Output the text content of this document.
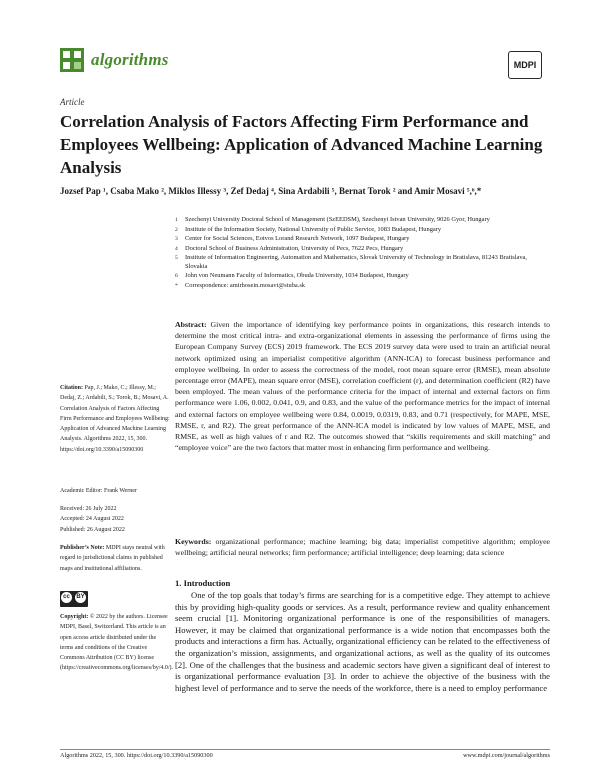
algorithms	MDPI
Article
Correlation Analysis of Factors Affecting Firm Performance and Employees Wellbeing: Application of Advanced Machine Learning Analysis
Jozsef Pap ¹, Csaba Mako ², Miklos Illessy ³, Zef Dedaj ⁴, Sina Ardabili ⁵, Bernat Torok ² and Amir Mosavi ⁵,⁶,*
1 Szechenyi University Doctoral School of Management (SzEEDSM), Szechenyi Istvan University, 9026 Gyor, Hungary
2 Institute of the Information Society, National University of Public Service, 1083 Budapest, Hungary
3 Center for Social Sciences, Eotvos Lorand Research Network, 1097 Budapest, Hungary
4 Doctoral School of Business Administration, University of Pecs, 7622 Pecs, Hungary
5 Institute of Information Engineering, Automation and Mathematics, Slovak University of Technology in Bratislava, 81243 Bratislava, Slovakia
6 John von Neumann Faculty of Informatics, Obuda University, 1034 Budapest, Hungary
* Correspondence: amirhosein.mosavi@stuba.sk
Citation: Pap, J.; Mako, C.; Illessy, M.; Dedaj, Z.; Ardabili, S.; Torok, B.; Mosavi, A. Correlation Analysis of Factors Affecting Firm Performance and Employees Wellbeing: Application of Advanced Machine Learning Analysis. Algorithms 2022, 15, 300. https://doi.org/10.3390/a15090300
Academic Editor: Frank Werner
Received: 26 July 2022
Accepted: 24 August 2022
Published: 26 August 2022
Publisher’s Note: MDPI stays neutral with regard to jurisdictional claims in published maps and institutional affiliations.
cc	BY
Copyright: © 2022 by the authors. Licensee MDPI, Basel, Switzerland. This article is an open access article distributed under the terms and conditions of the Creative Commons Attribution (CC BY) license (https://creativecommons.org/licenses/by/4.0/).
Abstract: Given the importance of identifying key performance points in organizations, this research intends to determine the most critical intra- and extra-organizational elements in assessing the performance of firms using the European Company Survey (ECS) 2019 framework. The ECS 2019 survey data were used to train an artificial neural network optimized using an imperialist competitive algorithm (ANN-ICA) to forecast business performance and employee wellbeing. In order to assess the correctness of the model, root mean square error (RMSE), mean absolute percentage error (MAPE), mean square error (MSE), correlation coefficient (r), and determination coefficient (R2) have been employed. The mean values of the performance criteria for the impact of internal and external factors on firm performance were 1.06, 0.002, 0.041, 0.9, and 0.83, and the value of the performance metrics for the impact of internal and external factors on employee wellbeing were 0.84, 0.0019, 0.0319, 0.83, and 0.71 (respectively, for MAPE, MSE, RMSE, r, and R2). The great performance of the ANN-ICA model is indicated by low values of MAPE, MSE, and RMSE, as well as high values of r and R2. The outcomes showed that “skills requirements and skill matching” and “employee voice” are the two factors that matter most in enhancing firm performance and wellbeing.
Keywords: organizational performance; machine learning; big data; imperialist competitive algorithm; employee wellbeing; artificial neural networks; firm performance; artificial intelligence; deep learning; data science
1. Introduction
One of the top goals that today’s firms are searching for is a competitive edge. They attempt to achieve this by providing high-quality goods or services. As a result, performance review and quality enhancement seem crucial [1]. Monitoring organizational performance is one of the responsibilities of managers. However, it may be claimed that organizational performance is a wide notion that encompasses both the products and interactions a firm has. Actually, organizational efficiency can be related to the effectiveness of the organization’s mission, assignments, and organizational actions, as well as the quality of its outcomes [2]. One of the challenges that the business and academic sectors have given a significant deal of interest to is organizational performance evaluation [3]. In order to achieve the objective of the business with the highest level of performance and to serve the needs of the workforce, there is a need to employ performance
Algorithms 2022, 15, 300. https://doi.org/10.3390/a15090300	www.mdpi.com/journal/algorithms
